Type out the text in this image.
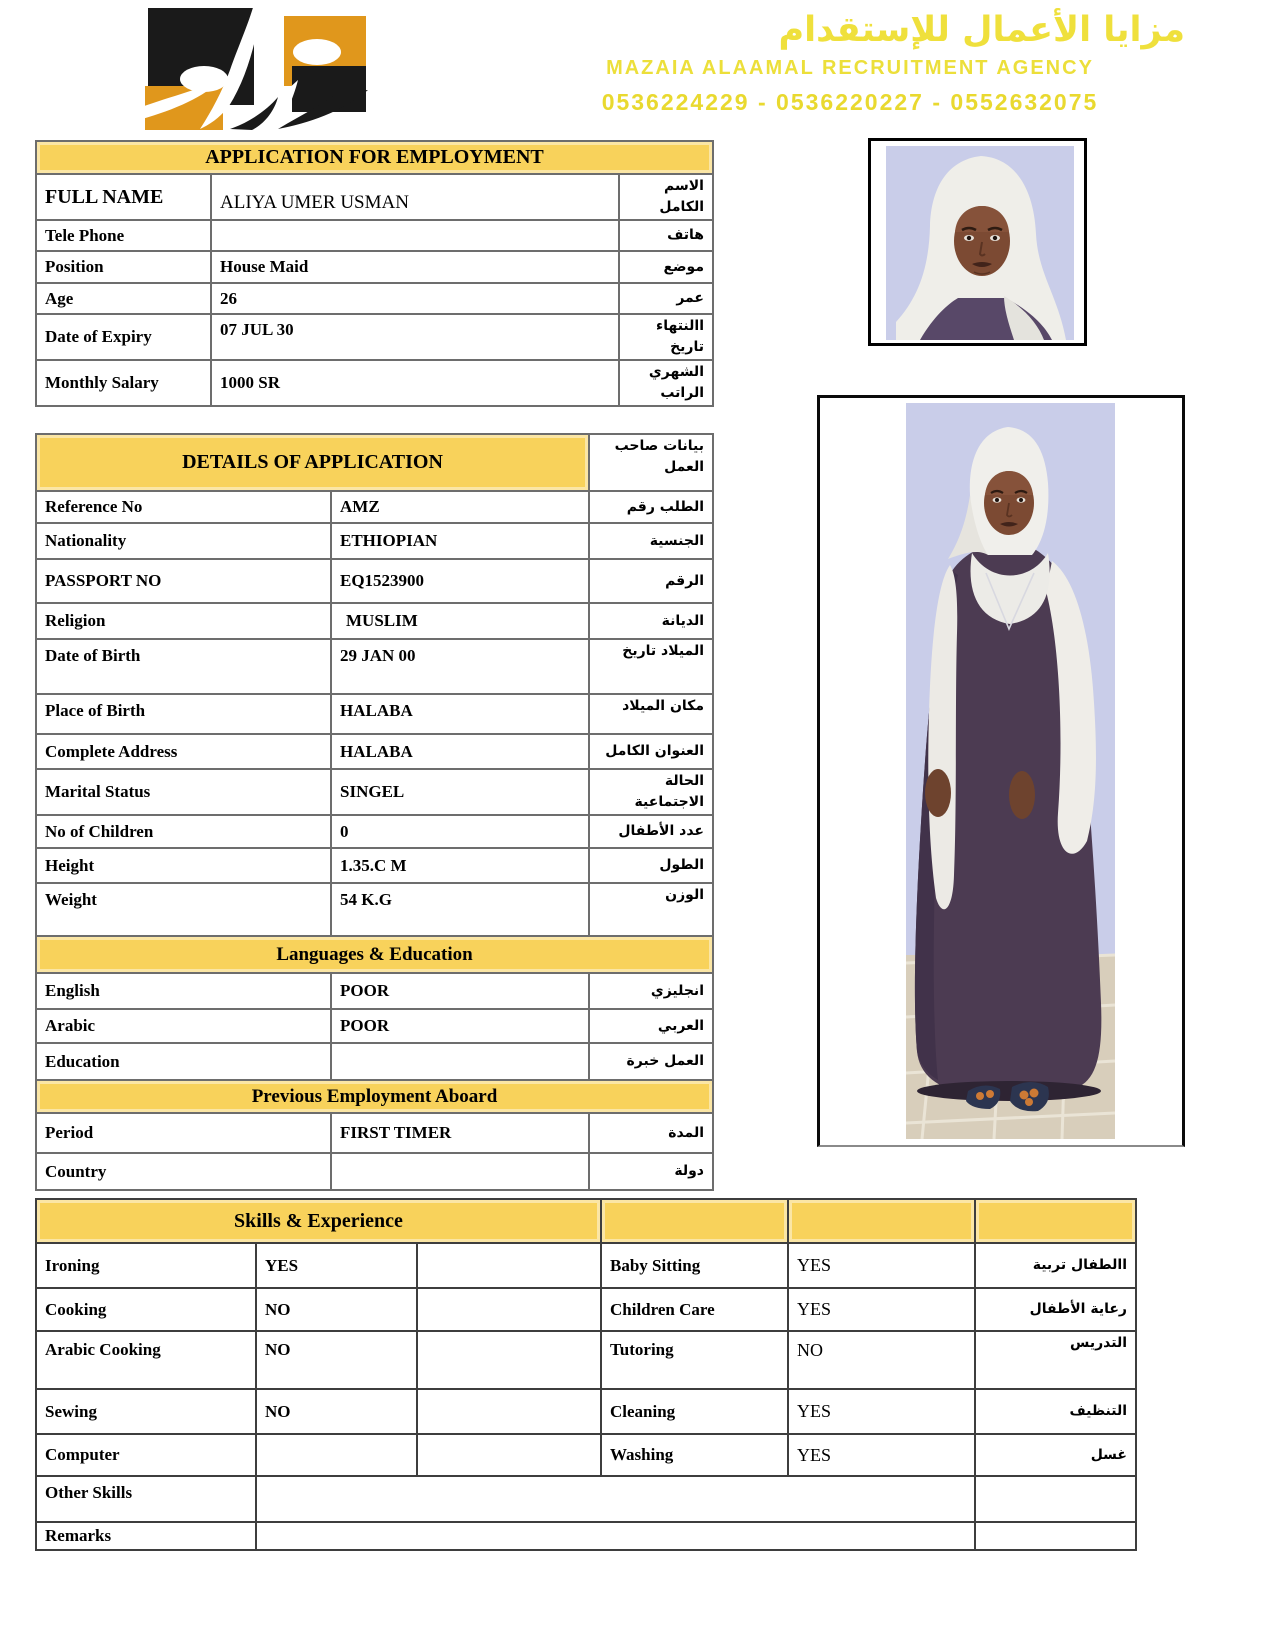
مزايا الأعمال للإستقدام
MAZAIA ALAAMAL RECRUITMENT AGENCY
0536224229 - 0536220227 - 0552632075
APPLICATION FOR EMPLOYMENT		
FULL NAME	ALIYA UMER USMAN	الاسم الكامل
Tele Phone		هاتف
Position	House Maid	موضع
Age	26	عمر
Date of Expiry	07 JUL 30	االنتهاء تاريخ
Monthly Salary	1000 SR	الشهري الراتب
DETAILS OF APPLICATION		بيانات صاحب العمل
Reference No	AMZ	الطلب رقم
Nationality	ETHIOPIAN	الجنسية
PASSPORT NO	EQ1523900	الرقم
Religion	MUSLIM	الديانة
Date of Birth	29 JAN 00	الميلاد تاريخ
Place of Birth	HALABA	مكان الميلاد
Complete Address	HALABA	العنوان الكامل
Marital Status	SINGEL	الحالة الاجتماعية
No of Children	0	عدد الأطفال
Height	1.35.C M	الطول
Weight	54 K.G	الوزن
Languages & Education		
English	POOR	انجليزي
Arabic	POOR	العربي
Education		العمل خبرة
Previous Employment Aboard		
Period	FIRST TIMER	المدة
Country		دولة
Skills & Experience					
Ironing	YES		Baby Sitting	YES	االطفال تربية
Cooking	NO		Children Care	YES	رعاية الأطفال
Arabic Cooking	NO		Tutoring	NO	التدريس
Sewing	NO		Cleaning	YES	التنظيف
Computer			Washing	YES	غسل
Other Skills					
Remarks					
